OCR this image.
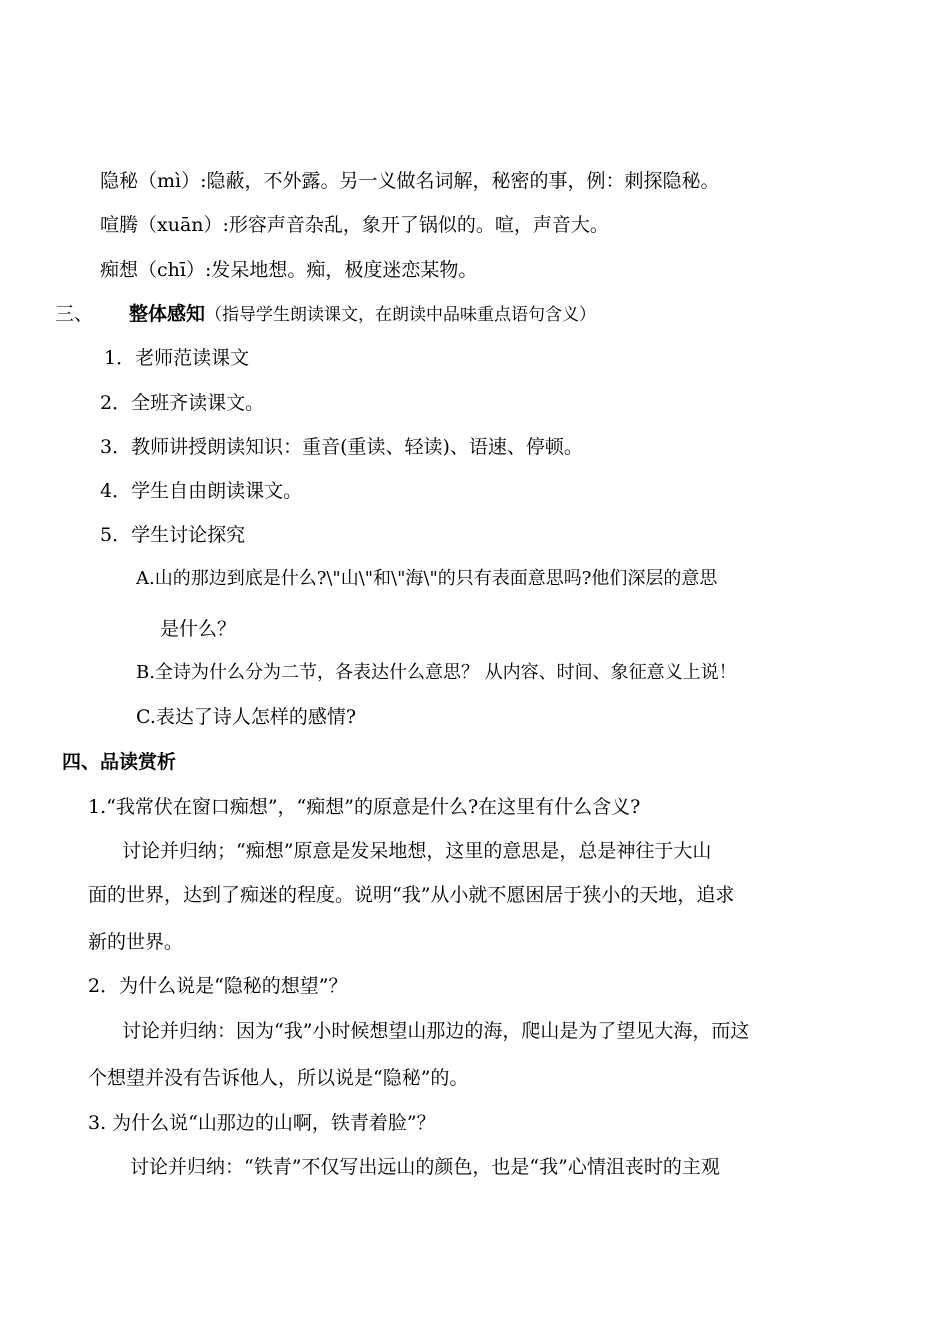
隐秘（mì）:隐蔽，不外露。另一义做名词解，秘密的事，例：刺探隐秘。
喧腾（xuān）:形容声音杂乱，象开了锅似的。喧，声音大。
痴想（chī）:发呆地想。痴，极度迷恋某物。
三、 整体感知（指导学生朗读课文，在朗读中品味重点语句含义）
1．老师范读课文
2．全班齐读课文。
3．教师讲授朗读知识：重音(重读、轻读)、语速、停顿。
4．学生自由朗读课文。
5．学生讨论探究
A.山的那边到底是什么?\"山\"和\"海\"的只有表面意思吗?他们深层的意思
是什么？
B.全诗为什么分为二节，各表达什么意思？ 从内容、时间、象征意义上说！
C.表达了诗人怎样的感情?
四、品读赏析
1.“我常伏在窗口痴想”，“痴想”的原意是什么?在这里有什么含义?
讨论并归纳；“痴想”原意是发呆地想，这里的意思是，总是神往于大山
面的世界，达到了痴迷的程度。说明“我”从小就不愿困居于狭小的天地，追求
新的世界。
2．为什么说是“隐秘的想望”？
讨论并归纳：因为“我”小时候想望山那边的海，爬山是为了望见大海，而这
个想望并没有告诉他人，所以说是“隐秘”的。
3. 为什么说“山那边的山啊，铁青着脸”？
讨论并归纳：“铁青”不仅写出远山的颜色，也是“我”心情沮丧时的主观
